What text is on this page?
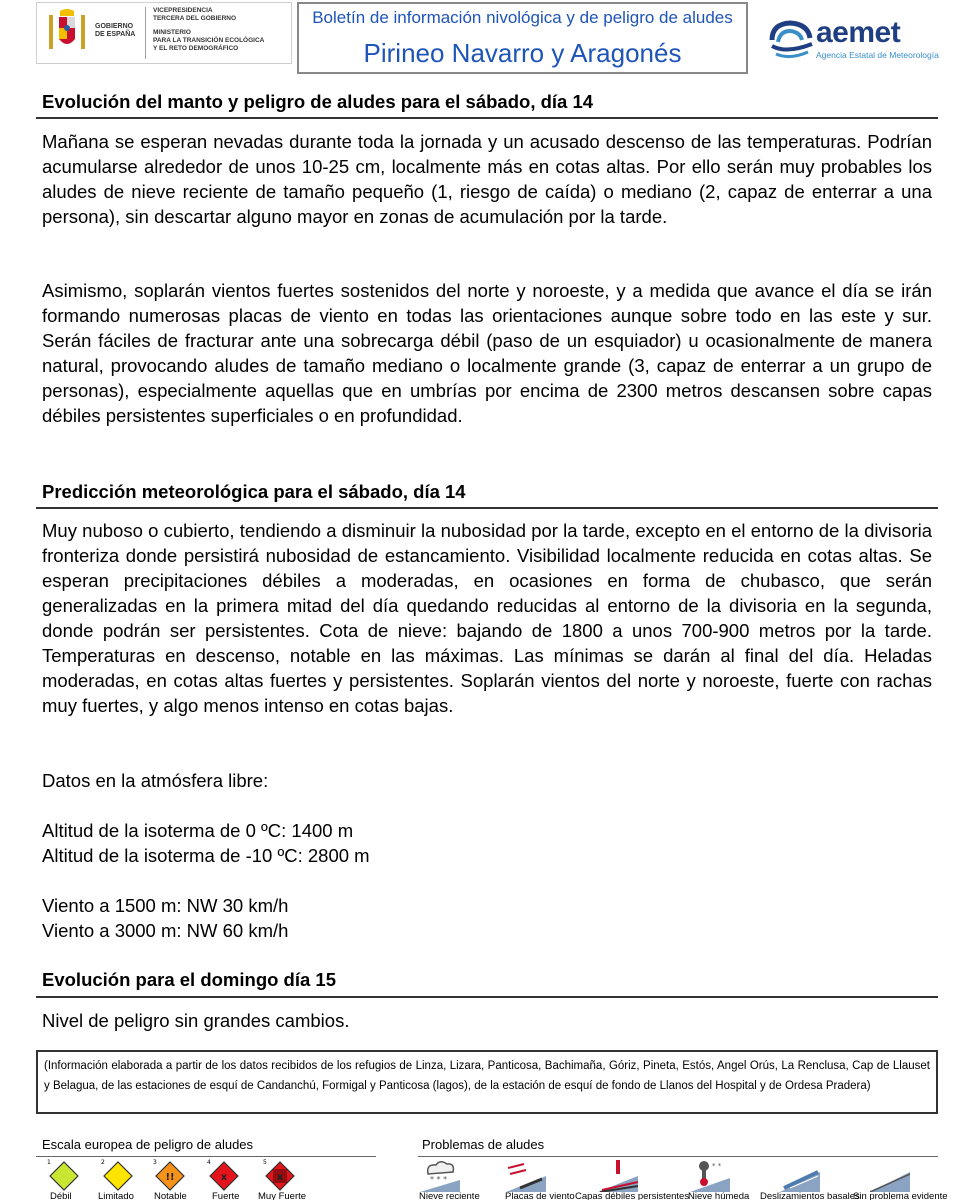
GOBIERNO
DE ESPAÑA
VICEPRESIDENCIA
TERCERA DEL GOBIERNO
MINISTERIO
PARA LA TRANSICIÓN ECOLÓGICA
Y EL RETO DEMOGRÁFICO
Boletín de información nivológica y de peligro de aludes
Pirineo Navarro y Aragonés
aemet
Agencia Estatal de Meteorología
Evolución del manto y peligro de aludes para el sábado, día 14
Mañana se esperan nevadas durante toda la jornada y un acusado descenso de las temperaturas. Podrían acumularse alrededor de unos 10-25 cm, localmente más en cotas altas. Por ello serán muy probables los aludes de nieve reciente de tamaño pequeño (1, riesgo de caída) o mediano (2, capaz de enterrar a una persona), sin descartar alguno mayor en zonas de acumulación por la tarde.
Asimismo, soplarán vientos fuertes sostenidos del norte y noroeste, y a medida que avance el día se irán formando numerosas placas de viento en todas las orientaciones aunque sobre todo en las este y sur. Serán fáciles de fracturar ante una sobrecarga débil (paso de un esquiador) u ocasionalmente de manera natural, provocando aludes de tamaño mediano o localmente grande (3, capaz de enterrar a un grupo de personas), especialmente aquellas que en umbrías por encima de 2300 metros descansen sobre capas débiles persistentes superficiales o en profundidad.
Predicción meteorológica para el sábado, día 14
Muy nuboso o cubierto, tendiendo a disminuir la nubosidad por la tarde, excepto en el entorno de la divisoria fronteriza donde persistirá nubosidad de estancamiento. Visibilidad localmente reducida en cotas altas. Se esperan precipitaciones débiles a moderadas, en ocasiones en forma de chubasco, que serán generalizadas en la primera mitad del día quedando reducidas al entorno de la divisoria en la segunda, donde podrán ser persistentes. Cota de nieve: bajando de 1800 a unos 700-900 metros por la tarde. Temperaturas en descenso, notable en las máximas. Las mínimas se darán al final del día. Heladas moderadas, en cotas altas fuertes y persistentes. Soplarán vientos del norte y noroeste, fuerte con rachas muy fuertes, y algo menos intenso en cotas bajas.
Datos en la atmósfera libre:
Altitud de la isoterma de 0 ºC: 1400 m
Altitud de la isoterma de -10 ºC: 2800 m
Viento a 1500 m: NW 30 km/h
Viento a 3000 m: NW 60 km/h
Evolución para el domingo día 15
Nivel de peligro sin grandes cambios.
(Información elaborada a partir de los datos recibidos de los refugios de Linza, Lizara, Panticosa, Bachimaña, Góriz, Pineta, Estós, Angel Orús, La Renclusa, Cap de Llauset y Belagua, de las estaciones de esquí de Candanchú, Formigal y Panticosa (lagos), de la estación de esquí de fondo de Llanos del Hospital y de Ordesa Pradera)
Escala europea de peligro de aludes
1
Débil
2
Limitado
3
!!
Notable
4
x
Fuerte
5
x
Muy Fuerte
Problemas de aludes
* * *
* *
Nieve reciente	Placas de viento Capas débiles persistentes
Nieve húmeda Deslizamientos basales
Sin problema evidente
